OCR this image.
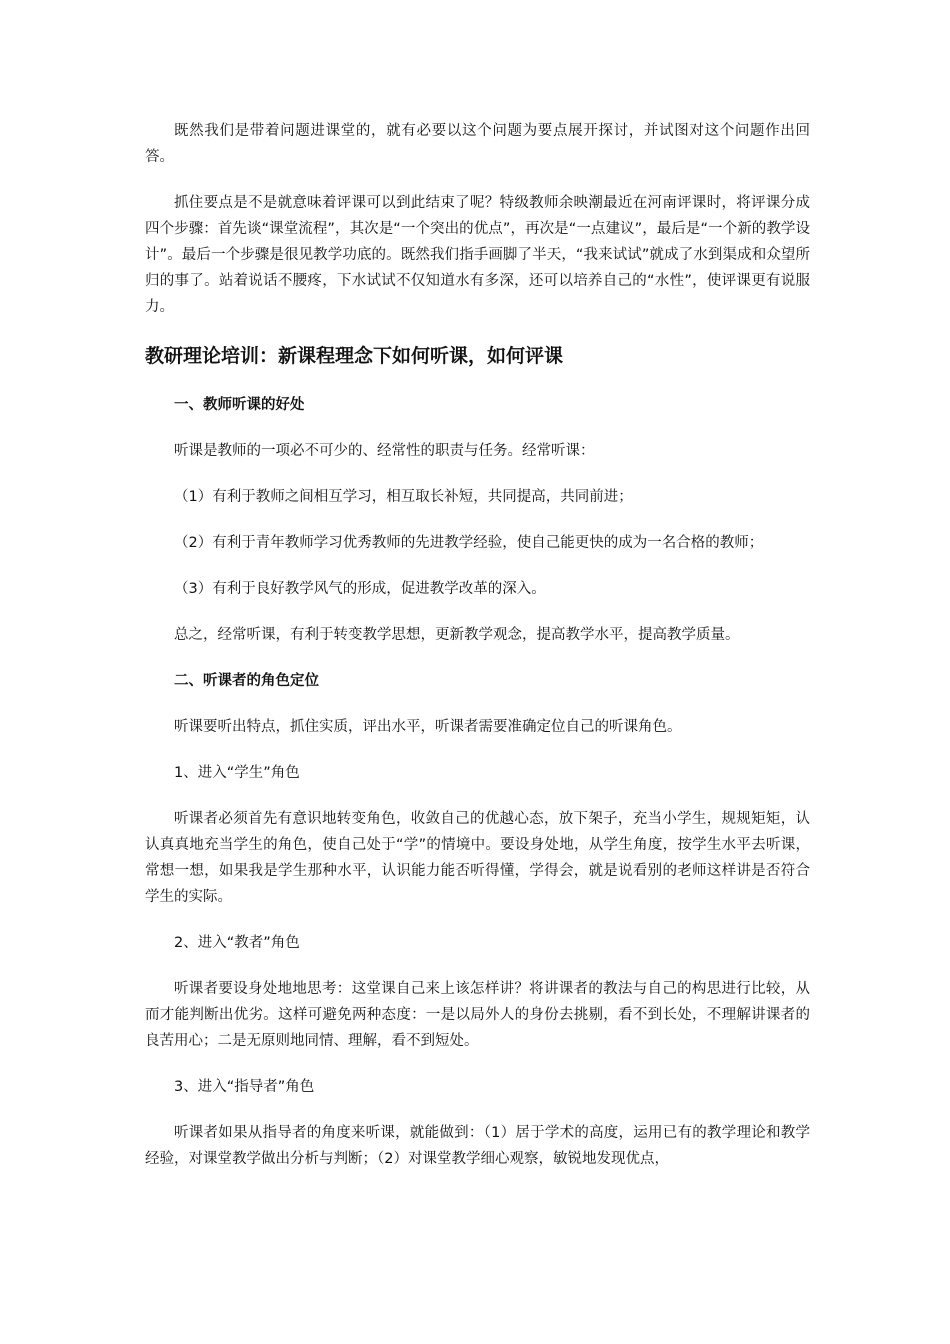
既然我们是带着问题进课堂的，就有必要以这个问题为要点展开探讨，并试图对这个问题作出回答。

抓住要点是不是就意味着评课可以到此结束了呢？特级教师余映潮最近在河南评课时，将评课分成四个步骤：首先谈“课堂流程”，其次是“一个突出的优点”，再次是“一点建议”，最后是“一个新的教学设计”。最后一个步骤是很见教学功底的。既然我们指手画脚了半天，“我来试试”就成了水到渠成和众望所归的事了。站着说话不腰疼，下水试试不仅知道水有多深，还可以培养自己的“水性”，使评课更有说服力。

教研理论培训：新课程理念下如何听课，如何评课
一、教师听课的好处

听课是教师的一项必不可少的、经常性的职责与任务。经常听课：

（1）有利于教师之间相互学习，相互取长补短，共同提高，共同前进；

（2）有利于青年教师学习优秀教师的先进教学经验，使自己能更快的成为一名合格的教师；

（3）有利于良好教学风气的形成，促进教学改革的深入。

总之，经常听课，有利于转变教学思想，更新教学观念，提高教学水平，提高教学质量。

二、听课者的角色定位

听课要听出特点，抓住实质，评出水平，听课者需要准确定位自己的听课角色。

1、进入“学生”角色

听课者必须首先有意识地转变角色，收敛自己的优越心态，放下架子，充当小学生，规规矩矩，认认真真地充当学生的角色，使自己处于“学”的情境中。要设身处地，从学生角度，按学生水平去听课，常想一想，如果我是学生那种水平，认识能力能否听得懂，学得会，就是说看别的老师这样讲是否符合学生的实际。

2、进入“教者”角色

听课者要设身处地地思考：这堂课自己来上该怎样讲？将讲课者的教法与自己的构思进行比较，从而才能判断出优劣。这样可避免两种态度：一是以局外人的身份去挑剔，看不到长处，不理解讲课者的良苦用心；二是无原则地同情、理解，看不到短处。

3、进入“指导者”角色

听课者如果从指导者的角度来听课，就能做到：（1）居于学术的高度，运用已有的教学理论和教学经验，对课堂教学做出分析与判断；（2）对课堂教学细心观察，敏锐地发现优点，
